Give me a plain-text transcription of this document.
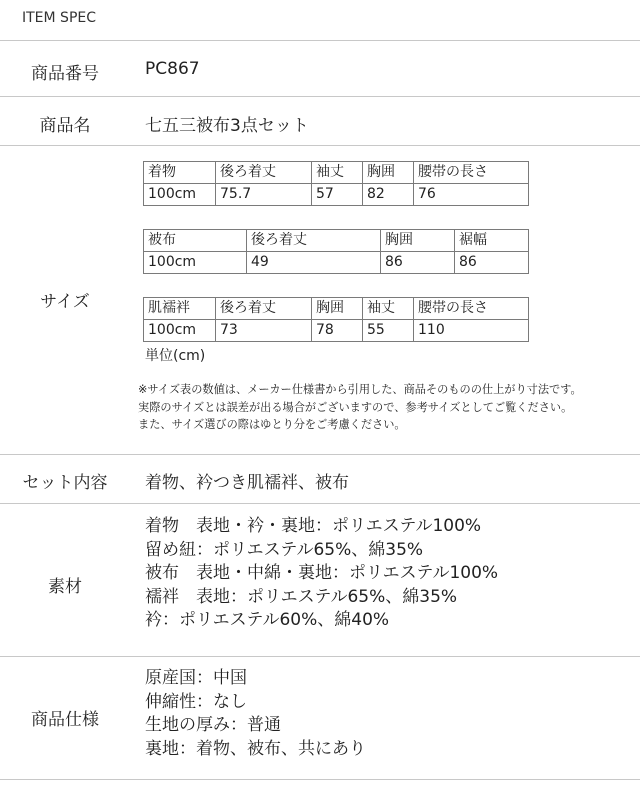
ITEM SPEC
商品番号	PC867
商品名	七五三被布3点セット
サイズ
着物	後ろ着丈	袖丈	胸囲	腰帯の長さ
100cm	75.7	57	82	76
被布	後ろ着丈	胸囲	裾幅
100cm	49	86	86
肌襦袢	後ろ着丈	胸囲	袖丈	腰帯の長さ
100cm	73	78	55	110
単位(cm)
※サイズ表の数値は、メーカー仕様書から引用した、商品そのものの仕上がり寸法です。
実際のサイズとは誤差が出る場合がございますので、参考サイズとしてご覧ください。
また、サイズ選びの際はゆとり分をご考慮ください。
セット内容	着物、衿つき肌襦袢、被布
素材
着物　表地・衿・裏地：ポリエステル100%
留め紐：ポリエステル65%、綿35%
被布　表地・中綿・裏地：ポリエステル100%
襦袢　表地：ポリエステル65%、綿35%
衿：ポリエステル60%、綿40%
商品仕様
原産国：中国
伸縮性：なし
生地の厚み：普通
裏地：着物、被布、共にあり
